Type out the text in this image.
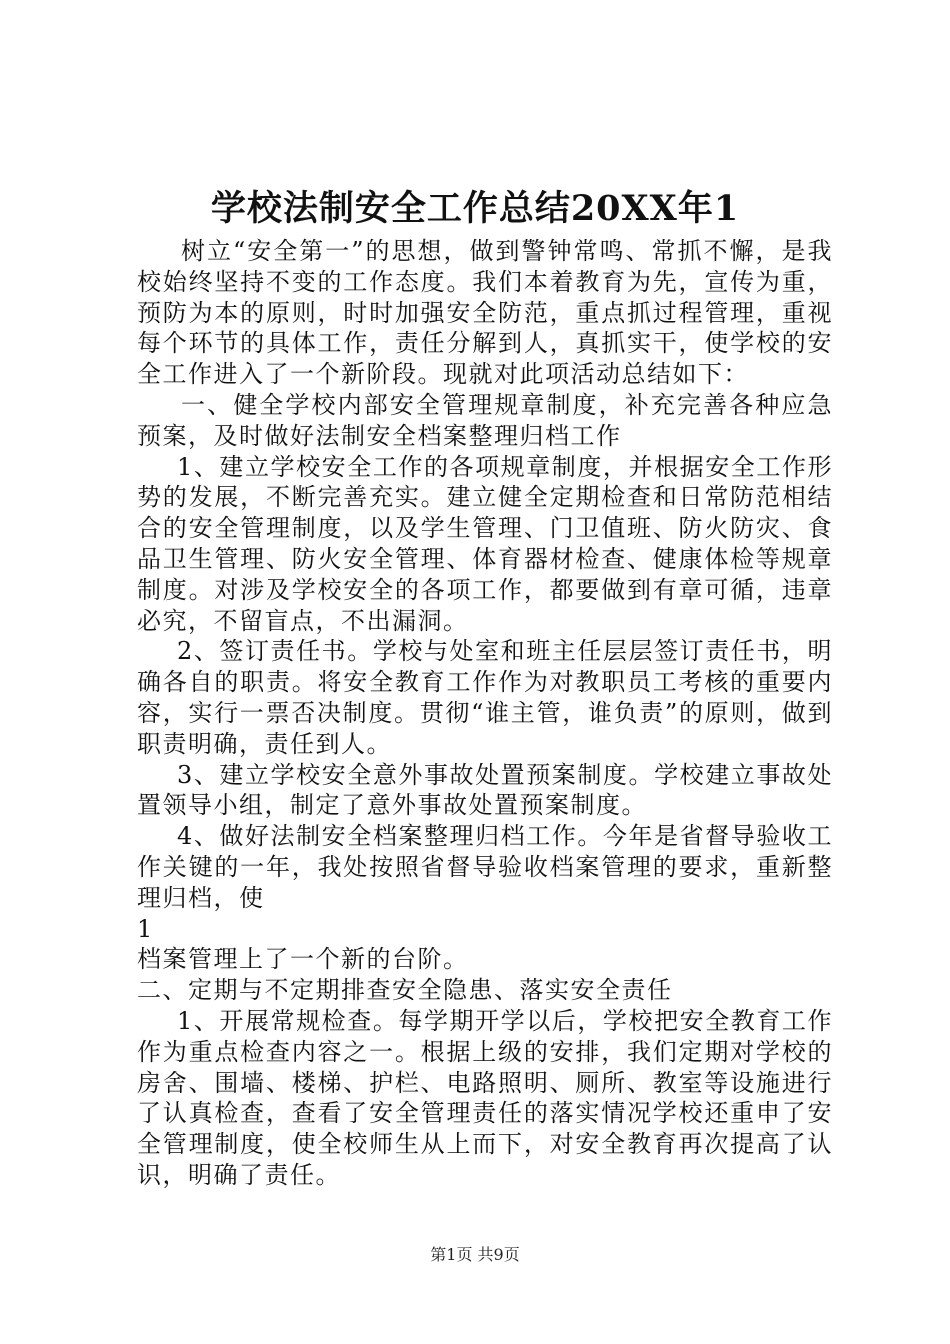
学校法制安全工作总结20XX年1

树立“安全第一”的思想，做到警钟常鸣、常抓不懈，是我校始终坚持不变的工作态度。我们本着教育为先，宣传为重，预防为本的原则，时时加强安全防范，重点抓过程管理，重视每个环节的具体工作，责任分解到人，真抓实干，使学校的安全工作进入了一个新阶段。现就对此项活动总结如下：

一、健全学校内部安全管理规章制度，补充完善各种应急预案，及时做好法制安全档案整理归档工作

1、建立学校安全工作的各项规章制度，并根据安全工作形势的发展，不断完善充实。建立健全定期检查和日常防范相结合的安全管理制度，以及学生管理、门卫值班、防火防灾、食品卫生管理、防火安全管理、体育器材检查、健康体检等规章制度。对涉及学校安全的各项工作，都要做到有章可循，违章必究，不留盲点，不出漏洞。

2、签订责任书。学校与处室和班主任层层签订责任书，明确各自的职责。将安全教育工作作为对教职员工考核的重要内容，实行一票否决制度。贯彻“谁主管，谁负责”的原则，做到职责明确，责任到人。

3、建立学校安全意外事故处置预案制度。学校建立事故处置领导小组，制定了意外事故处置预案制度。

4、做好法制安全档案整理归档工作。今年是省督导验收工作关键的一年，我处按照省督导验收档案管理的要求，重新整理归档，使

1

档案管理上了一个新的台阶。

二、定期与不定期排查安全隐患、落实安全责任

1、开展常规检查。每学期开学以后，学校把安全教育工作作为重点检查内容之一。根据上级的安排，我们定期对学校的房舍、围墙、楼梯、护栏、电路照明、厕所、教室等设施进行了认真检查，查看了安全管理责任的落实情况学校还重申了安全管理制度，使全校师生从上而下，对安全教育再次提高了认识，明确了责任。

第1页 共9页
